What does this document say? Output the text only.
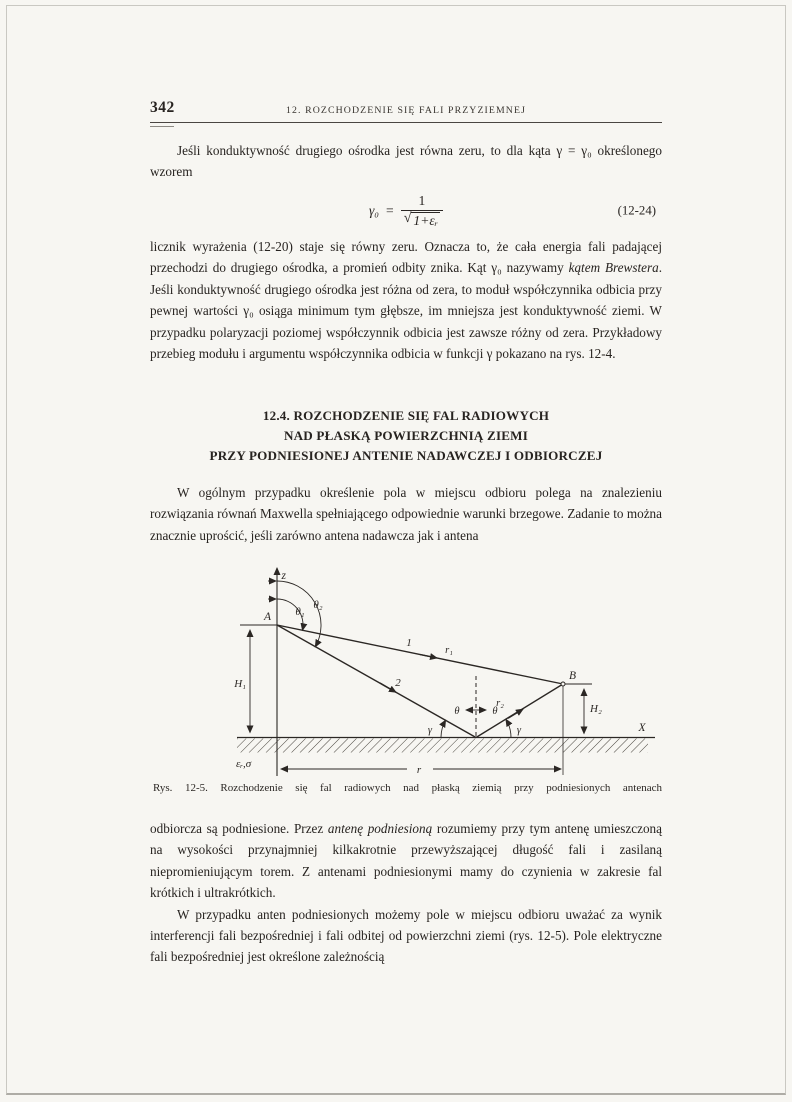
342	12. ROZCHODZENIE SIĘ FALI PRZYZIEMNEJ

Jeśli konduktywność drugiego ośrodka jest równa zeru, to dla kąta γ = γ₀ określonego wzorem

$\gamma_0 = \frac{1}{\text{√ 1+εᵣ}}$	(12-24)

licznik wyrażenia (12-20) staje się równy zeru. Oznacza to, że cała energia fali padającej przechodzi do drugiego ośrodka, a promień odbity znika. Kąt γ₀ nazywamy kątem Brewstera. Jeśli konduktywność drugiego ośrodka jest różna od zera, to moduł współczynnika odbicia przy pewnej wartości γ₀ osiąga minimum tym głębsze, im mniejsza jest konduktywność ziemi. W przypadku polaryzacji poziomej współczynnik odbicia jest zawsze różny od zera. Przykładowy przebieg modułu i argumentu współczynnika odbicia w funkcji γ pokazano na rys. 12-4.

12.4. ROZCHODZENIE SIĘ FAL RADIOWYCH
NAD PŁASKĄ POWIERZCHNIĄ ZIEMI
PRZY PODNIESIONEJ ANTENIE NADAWCZEJ I ODBIORCZEJ

W ogólnym przypadku określenie pola w miejscu odbioru polega na znalezieniu rozwiązania równań Maxwella spełniającego odpowiednie warunki brzegowe. Zadanie to można znacznie uprościć, jeśli zarówno antena nadawcza jak i antena

z
A θ₁
θ₂
1
r₁
2
r₂
B
H₁
H₂
θ	θ
γ	γ	X
εᵣ,σ	r
Rys. 12-5. Rozchodzenie się fal radiowych nad płaską ziemią przy podniesionych antenach

odbiorcza są podniesione. Przez antenę podniesioną rozumiemy przy tym antenę umieszczoną na wysokości przynajmniej kilkakrotnie przewyższającej długość fali i zasilaną niepromieniującym torem. Z antenami podniesionymi mamy do czynienia w zakresie fal krótkich i ultrakrótkich.

W przypadku anten podniesionych możemy pole w miejscu odbioru uważać za wynik interferencji fali bezpośredniej i fali odbitej od powierzchni ziemi (rys. 12-5). Pole elektryczne fali bezpośredniej jest określone zależnością
